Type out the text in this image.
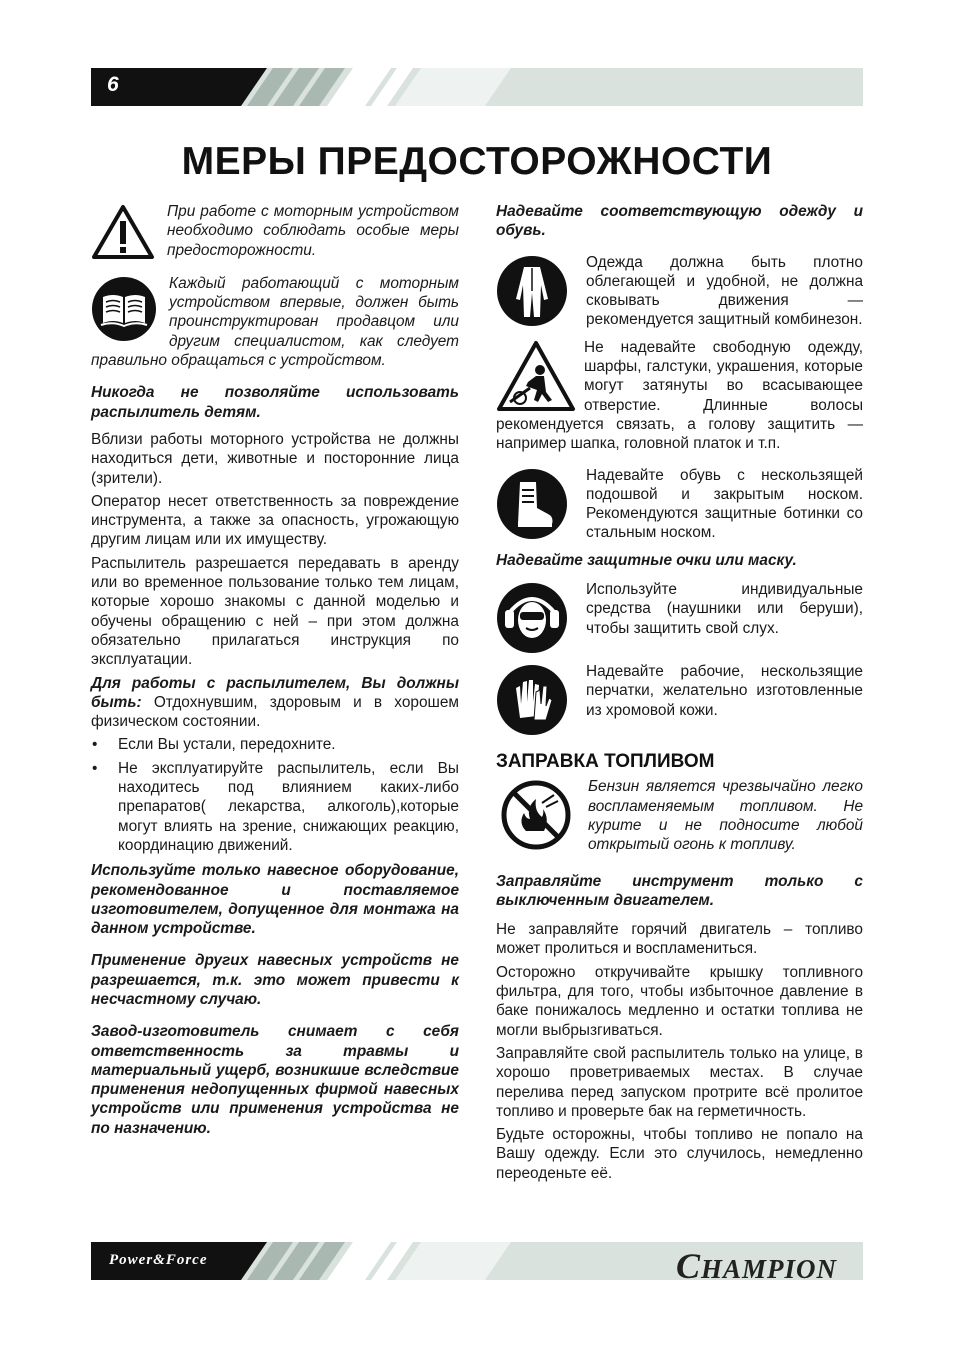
6
МЕРЫ ПРЕДОСТОРОЖНОСТИ

При работе с моторным устройством необходимо соблюдать особые меры предосторожности.

Каждый работающий с моторным устройством впервые, должен быть проинструктирован продавцом или другим специалистом, как следует правильно обращаться с устройством.

Никогда не позволяйте использовать распылитель детям.

Вблизи работы моторного устройства не должны находиться дети, животные и посторонние лица (зрители).

Оператор несет ответственность за повреждение инструмента, а также за опасность, угрожающую другим лицам или их имуществу.

Распылитель разрешается передавать в аренду или во временное пользование только тем лицам, которые хорошо знакомы с данной моделью и обучены обращению с ней – при этом должна обязательно прилагаться инструкция по эксплуатации.

Для работы с распылителем, Вы должны быть: Отдохнувшим, здоровым и в хорошем физическом состоянии.

• Если Вы устали, передохните.
• Не эксплуатируйте распылитель, если Вы находитесь под влиянием каких-либо препаратов( лекарства, алкоголь),которые могут влиять на зрение, снижающих реакцию, координацию движений.

Используйте только навесное оборудование, рекомендованное и поставляемое изготовителем, допущенное для монтажа на данном устройстве.

Применение других навесных устройств не разрешается, т.к. это может привести к несчастному случаю.

Завод-изготовитель снимает с себя ответственность за травмы и материальный ущерб, возникшие вследствие применения недопущенных фирмой навесных устройств или применения устройства не по назначению.

Надевайте соответствующую одежду и обувь.

Одежда должна быть плотно облегающей и удобной, не должна сковывать движения — рекомендуется защитный комбинезон.

Не надевайте свободную одежду, шарфы, галстуки, украшения, которые могут затянуты во всасывающее отверстие. Длинные волосы рекомендуется связать, а голову защитить — например шапка, головной платок и т.п.

Надевайте обувь с нескользящей подошвой и закрытым носком. Рекомендуются защитные ботинки со стальным носком.

Надевайте защитные очки или маску.

Используйте индивидуальные средства (наушники или беруши), чтобы защитить свой слух.

Надевайте рабочие, нескользящие перчатки, желательно изготовленные из хромовой кожи.

ЗАПРАВКА ТОПЛИВОМ

Бензин является чрезвычайно легко воспламеняемым топливом. Не курите и не подносите любой открытый огонь к топливу.

Заправляйте инструмент только с выключенным двигателем.

Не заправляйте горячий двигатель – топливо может пролиться и воспламениться.

Осторожно откручивайте крышку топливного фильтра, для того, чтобы избыточное давление в баке понижалось медленно и остатки топлива не могли выбрызгиваться.

Заправляйте свой распылитель только на улице, в хорошо проветриваемых местах. В случае перелива перед запуском протрите всё пролитое топливо и проверьте бак на герметичность.

Будьте осторожны, чтобы топливо не попало на Вашу одежду. Если это случилось, немедленно переоденьте её.

Power&Force	CHAMPION
